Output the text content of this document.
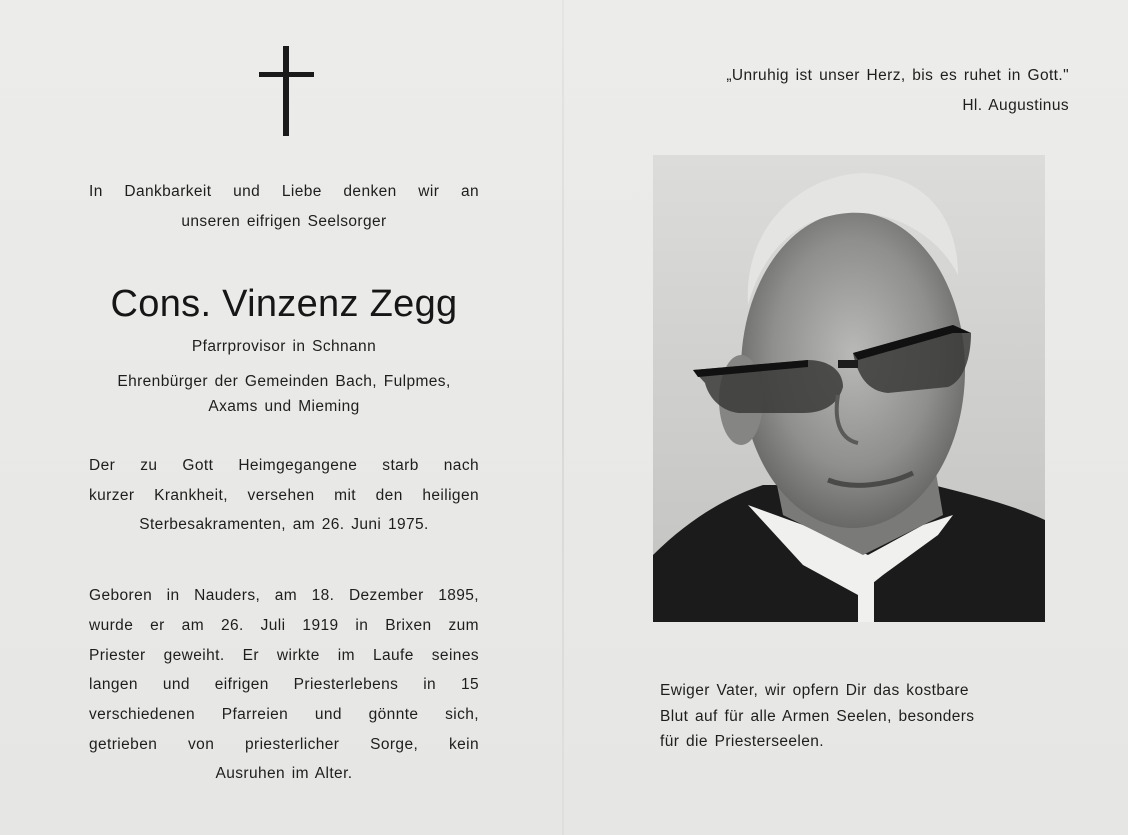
In Dankbarkeit und Liebe denken wir an
unseren eifrigen Seelsorger
Cons. Vinzenz Zegg
Pfarrprovisor in Schnann
Ehrenbürger der Gemeinden Bach, Fulpmes,
Axams und Mieming
Der zu Gott Heimgegangene starb nach
kurzer Krankheit, versehen mit den heiligen
Sterbesakramenten, am 26. Juni 1975.
Geboren in Nauders, am 18. Dezember 1895,
wurde er am 26. Juli 1919 in Brixen zum
Priester geweiht. Er wirkte im Laufe seines
langen und eifrigen Priesterlebens in 15
verschiedenen Pfarreien und gönnte sich,
getrieben von priesterlicher Sorge, kein
Ausruhen im Alter.
„Unruhig ist unser Herz, bis es ruhet in Gott."
Hl. Augustinus
Ewiger Vater, wir opfern Dir das kostbare
Blut auf für alle Armen Seelen, besonders
für die Priesterseelen.
